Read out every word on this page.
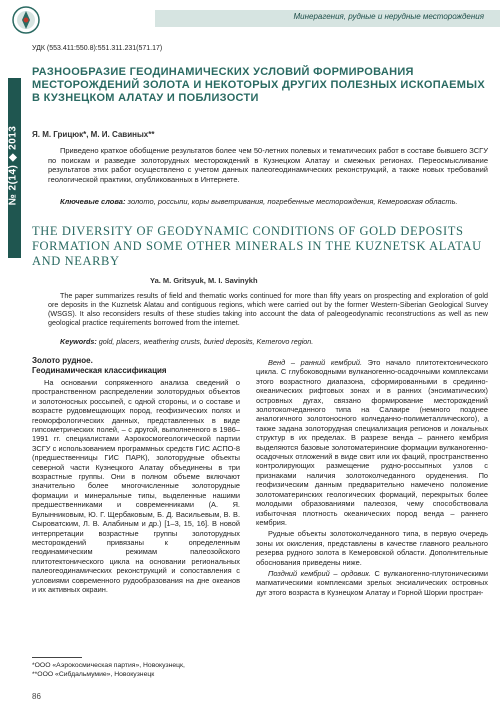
Минерагения, рудные и нерудные месторождения
№ 2(14) ◆ 2013
УДК (553.411:550.8):551.311.231(571.17)
РАЗНООБРАЗИЕ ГЕОДИНАМИЧЕСКИХ УСЛОВИЙ ФОРМИРОВАНИЯ МЕСТОРОЖДЕНИЙ ЗОЛОТА И НЕКОТОРЫХ ДРУГИХ ПОЛЕЗНЫХ ИСКОПАЕМЫХ В КУЗНЕЦКОМ АЛАТАУ И ПОБЛИЗОСТИ
Я. М. Грицюк*, М. И. Савиных**
Приведено краткое обобщение результатов более чем 50-летних полевых и тематических работ в составе бывшего ЗСГУ по поискам и разведке золоторудных месторождений в Кузнецком Алатау и смежных регионах. Переосмысливание результатов этих работ осуществлено с учетом данных палеогеодинамических реконструкций, а также новых требований геологической практики, опубликованных в Интернете.
Ключевые слова: золото, россыпи, коры выветривания, погребенные месторождения, Кемеровская область.
THE DIVERSITY OF GEODYNAMIC CONDITIONS OF GOLD DEPOSITS FORMATION AND SOME OTHER MINERALS IN THE KUZNETSK ALATAU AND NEARBY
Ya. M. Gritsyuk, M. I. Savinykh
The paper summarizes results of field and thematic works continued for more than fifty years on prospecting and exploration of gold ore deposits in the Kuznetsk Alatau and contiguous regions, which were carried out by the former Western-Siberian Geological Survey (WSGS). It also reconsiders results of these studies taking into account the data of paleogeodynamic reconstructions as well as new geological practice requirements borrowed from the internet.
Keywords: gold, placers, weathering crusts, buried deposits, Kemerovo region.
Золото рудное.
Геодинамическая классификация

На основании сопряженного анализа сведений о пространственном распределении золоторудных объектов и золотоносных россыпей, с одной стороны, и о составе и возрасте рудовмещающих пород, геофизических полях и геоморфологических данных, представленных в виде гипсометрических полей, – с другой, выполненного в 1986–1991 гг. специалистами Аэрокосмогеологической партии ЗСГУ с использованием программных средств ГИС АСПО-8 (предшественницы ГИС ПАРК), золоторудные объекты северной части Кузнецкого Алатау объединены в три возрастные группы. Они в полном объеме включают значительно более многочисленные золоторудные формации и минеральные типы, выделенные нашими предшественниками и современниками (А. Я. Булынниковым, Ю. Г. Щербаковым, Б. Д. Васильевым, В. В. Сыроватским, Л. В. Алабиным и др.) [1–3, 15, 16]. В новой интерпретации возрастные группы золоторудных месторождений привязаны к определенным геодинамическим режимам палеозойского плитотектонического цикла на основании региональных палеогеодинамических реконструкций и сопоставления с условиями современного рудообразования на дне океанов и их активных окраин.

Венд – ранний кембрий. Это начало плитотектонического цикла. С глубоководными вулканогенно-осадочными комплексами этого возрастного диапазона, сформированными в срединно-океанических рифтовых зонах и в ранних (энсиматических) островных дугах, связано формирование месторождений золотоколчеданного типа на Салаире (немного позднее аналогичного золотоносного колчеданно-полиметаллического), а также задана золоторудная специализация регионов и локальных структур в их пределах. В разрезе венда – раннего кембрия выделяются базовые золотоматеринские формации вулканогенно-осадочных отложений в виде свит или их фаций, пространственно контролирующих размещение рудно-россыпных узлов с признаками наличия золотоколчеданного оруденения. По геофизическим данным предварительно намечено положение золотоматеринских геологических формаций, перекрытых более молодыми образованиями палеозоя, чему способствовала избыточная плотность океанических пород венда – раннего кембрия.

Рудные объекты золотоколчеданного типа, в первую очередь зоны их окисления, представлены в качестве главного реального резерва рудного золота в Кемеровской области. Дополнительные обоснования приведены ниже.

Поздний кембрий – ордовик. С вулканогенно-плутоническими магматическими комплексами зрелых энсиалических островных дуг этого возраста в Кузнецком Алатау и Горной Шории простран-

*ООО «Аэрокосмическая партия», Новокузнецк,
**ООО «Сибдальмумие», Новокузнецк
86
